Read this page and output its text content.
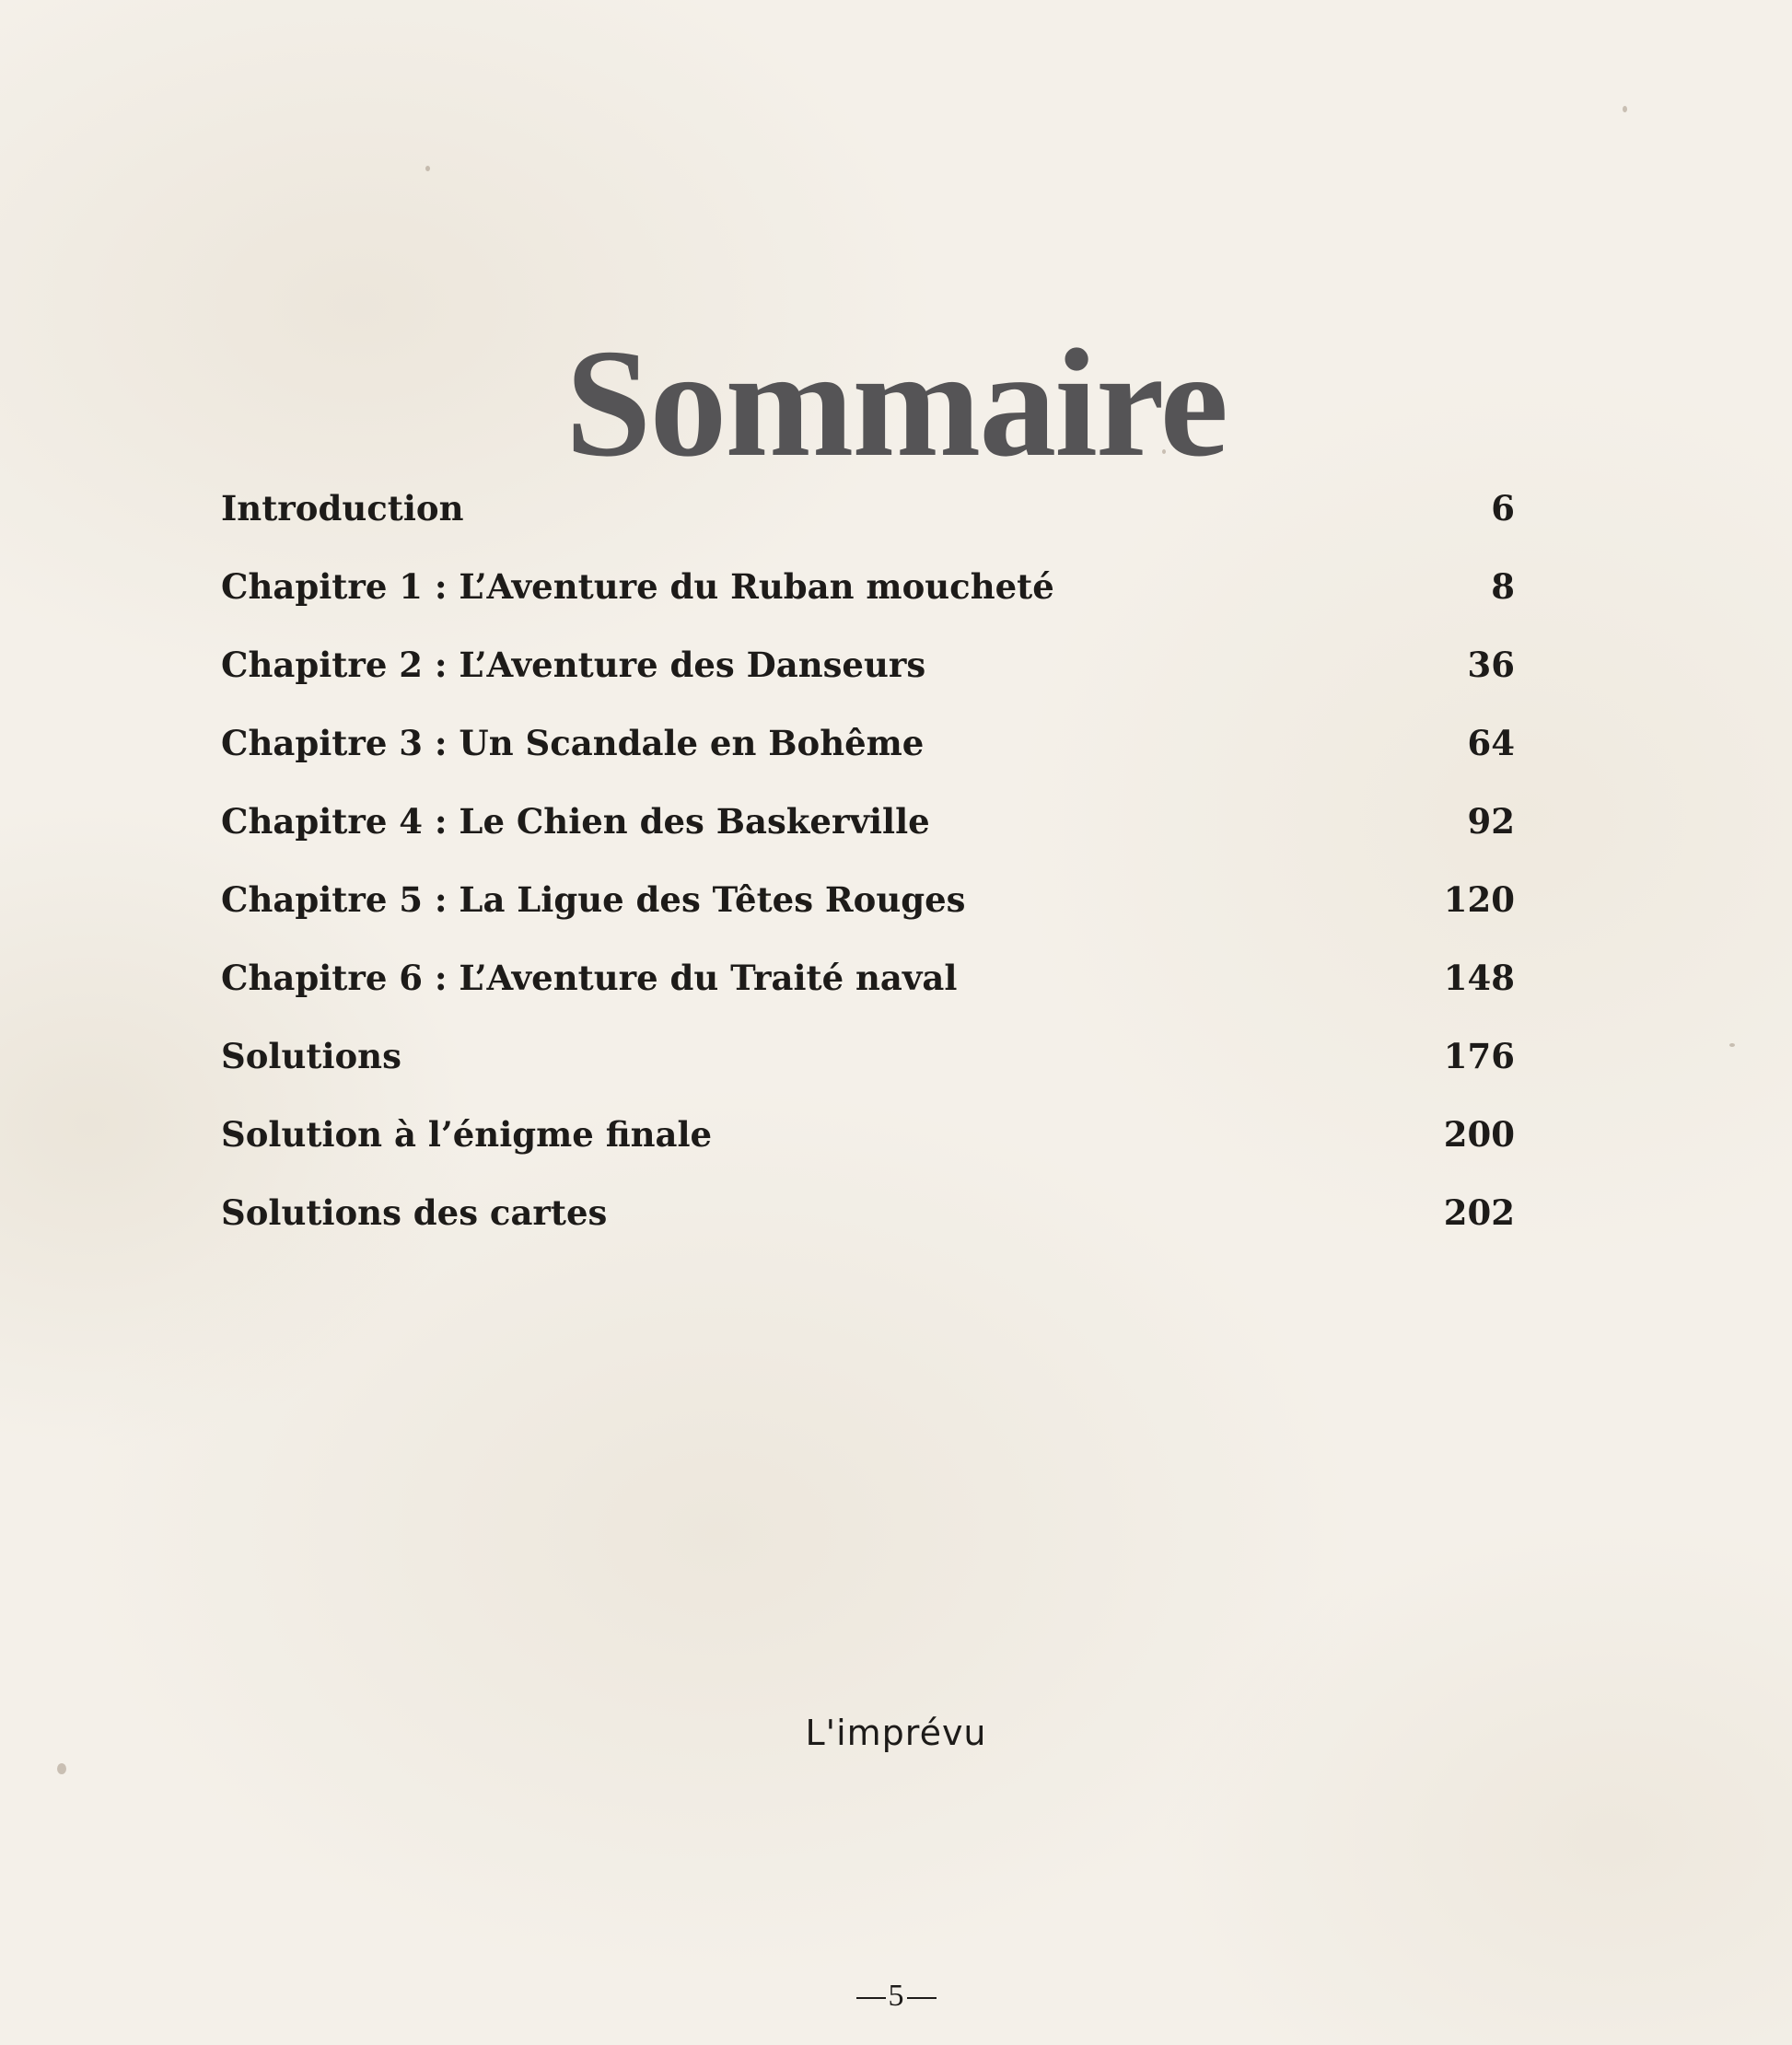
Sommaire
Introduction	6
Chapitre 1 : L’Aventure du Ruban moucheté	8
Chapitre 2 : L’Aventure des Danseurs	36
Chapitre 3 : Un Scandale en Bohême	64
Chapitre 4 : Le Chien des Baskerville	92
Chapitre 5 : La Ligue des Têtes Rouges	120
Chapitre 6 : L’Aventure du Traité naval	148
Solutions	176
Solution à l’énigme finale	200
Solutions des cartes	202
L'imprévu
5
